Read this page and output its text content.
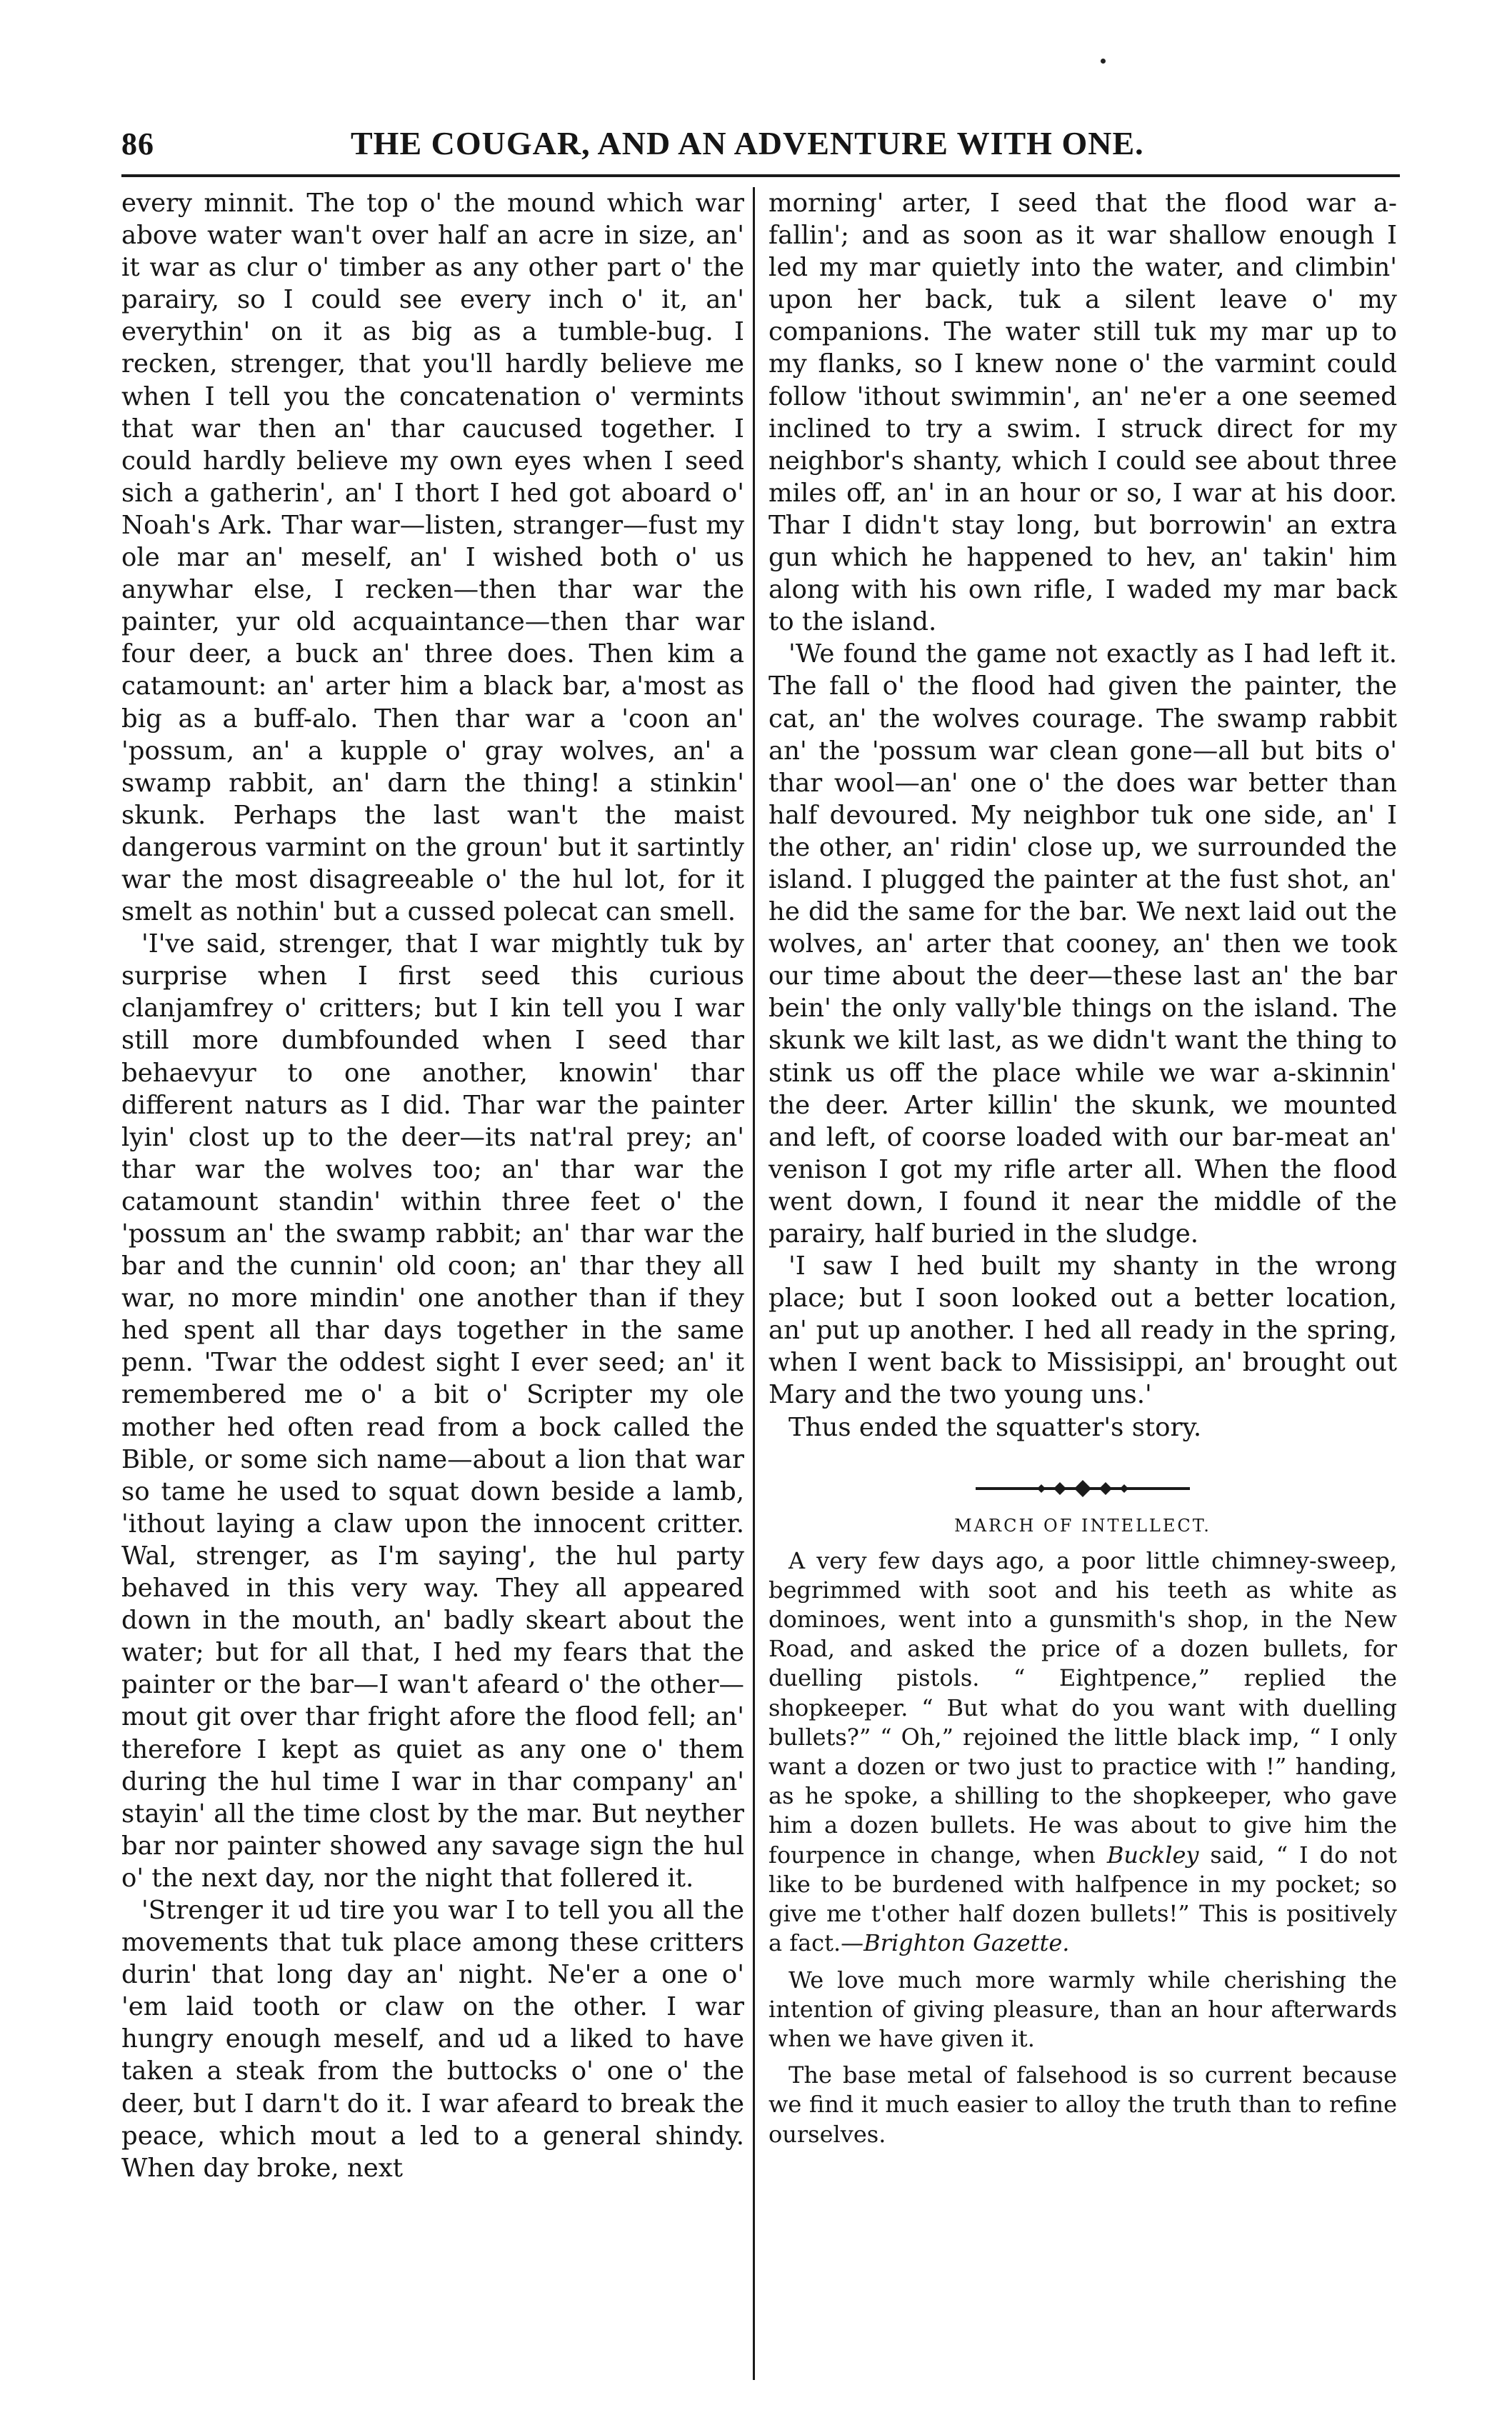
86	THE COUGAR, AND AN ADVENTURE WITH ONE.

every minnit. The top o' the mound which war above water wan't over half an acre in size, an' it war as clur o' timber as any other part o' the parairy, so I could see every inch o' it, an' everythin' on it as big as a tumble-bug. I recken, strenger, that you'll hardly believe me when I tell you the concatenation o' vermints that war then an' thar caucused together. I could hardly believe my own eyes when I seed sich a gatherin', an' I thort I hed got aboard o' Noah's Ark. Thar war—listen, stranger—fust my ole mar an' meself, an' I wished both o' us anywhar else, I recken—then thar war the painter, yur old acquaintance—then thar war four deer, a buck an' three does. Then kim a catamount: an' arter him a black bar, a'most as big as a buff-alo. Then thar war a 'coon an' 'possum, an' a kupple o' gray wolves, an' a swamp rabbit, an' darn the thing! a stinkin' skunk. Perhaps the last wan't the maist dangerous varmint on the groun' but it sartintly war the most disagreeable o' the hul lot, for it smelt as nothin' but a cussed polecat can smell.

'I've said, strenger, that I war mightly tuk by surprise when I first seed this curious clanjamfrey o' critters; but I kin tell you I war still more dumbfounded when I seed thar behaevyur to one another, knowin' thar different naturs as I did. Thar war the painter lyin' clost up to the deer—its nat'ral prey; an' thar war the wolves too; an' thar war the catamount standin' within three feet o' the 'possum an' the swamp rabbit; an' thar war the bar and the cunnin' old coon; an' thar they all war, no more mindin' one another than if they hed spent all thar days together in the same penn. 'Twar the oddest sight I ever seed; an' it remembered me o' a bit o' Scripter my ole mother hed often read from a bock called the Bible, or some sich name—about a lion that war so tame he used to squat down beside a lamb, 'ithout laying a claw upon the innocent critter. Wal, strenger, as I'm saying', the hul party behaved in this very way. They all appeared down in the mouth, an' badly skeart about the water; but for all that, I hed my fears that the painter or the bar—I wan't afeard o' the other—mout git over thar fright afore the flood fell; an' therefore I kept as quiet as any one o' them during the hul time I war in thar company' an' stayin' all the time clost by the mar. But neyther bar nor painter showed any savage sign the hul o' the next day, nor the night that follered it.

'Strenger it ud tire you war I to tell you all the movements that tuk place among these critters durin' that long day an' night. Ne'er a one o' 'em laid tooth or claw on the other. I war hungry enough meself, and ud a liked to have taken a steak from the buttocks o' one o' the deer, but I darn't do it. I war afeard to break the peace, which mout a led to a general shindy. When day broke, next

morning' arter, I seed that the flood war a-fallin'; and as soon as it war shallow enough I led my mar quietly into the water, and climbin' upon her back, tuk a silent leave o' my companions. The water still tuk my mar up to my flanks, so I knew none o' the varmint could follow 'ithout swimmin', an' ne'er a one seemed inclined to try a swim. I struck direct for my neighbor's shanty, which I could see about three miles off, an' in an hour or so, I war at his door. Thar I didn't stay long, but borrowin' an extra gun which he happened to hev, an' takin' him along with his own rifle, I waded my mar back to the island.

'We found the game not exactly as I had left it. The fall o' the flood had given the painter, the cat, an' the wolves courage. The swamp rabbit an' the 'possum war clean gone—all but bits o' thar wool—an' one o' the does war better than half devoured. My neighbor tuk one side, an' I the other, an' ridin' close up, we surrounded the island. I plugged the painter at the fust shot, an' he did the same for the bar. We next laid out the wolves, an' arter that cooney, an' then we took our time about the deer—these last an' the bar bein' the only vally'ble things on the island. The skunk we kilt last, as we didn't want the thing to stink us off the place while we war a-skinnin' the deer. Arter killin' the skunk, we mounted and left, of coorse loaded with our bar-meat an' venison I got my rifle arter all. When the flood went down, I found it near the middle of the parairy, half buried in the sludge.

'I saw I hed built my shanty in the wrong place; but I soon looked out a better location, an' put up another. I hed all ready in the spring, when I went back to Missisippi, an' brought out Mary and the two young uns.'

Thus ended the squatter's story.

MARCH OF INTELLECT.

A very few days ago, a poor little chimney-sweep, begrimmed with soot and his teeth as white as dominoes, went into a gunsmith's shop, in the New Road, and asked the price of a dozen bullets, for duelling pistols. “ Eightpence,” replied the shopkeeper. “ But what do you want with duelling bullets?” “ Oh,” rejoined the little black imp, “ I only want a dozen or two just to practice with !” handing, as he spoke, a shilling to the shopkeeper, who gave him a dozen bullets. He was about to give him the fourpence in change, when Buckley said, “ I do not like to be burdened with halfpence in my pocket; so give me t'other half dozen bullets!” This is positively a fact.—Brighton Gazette.

We love much more warmly while cherishing the intention of giving pleasure, than an hour afterwards when we have given it.

The base metal of falsehood is so current because we find it much easier to alloy the truth than to refine ourselves.
